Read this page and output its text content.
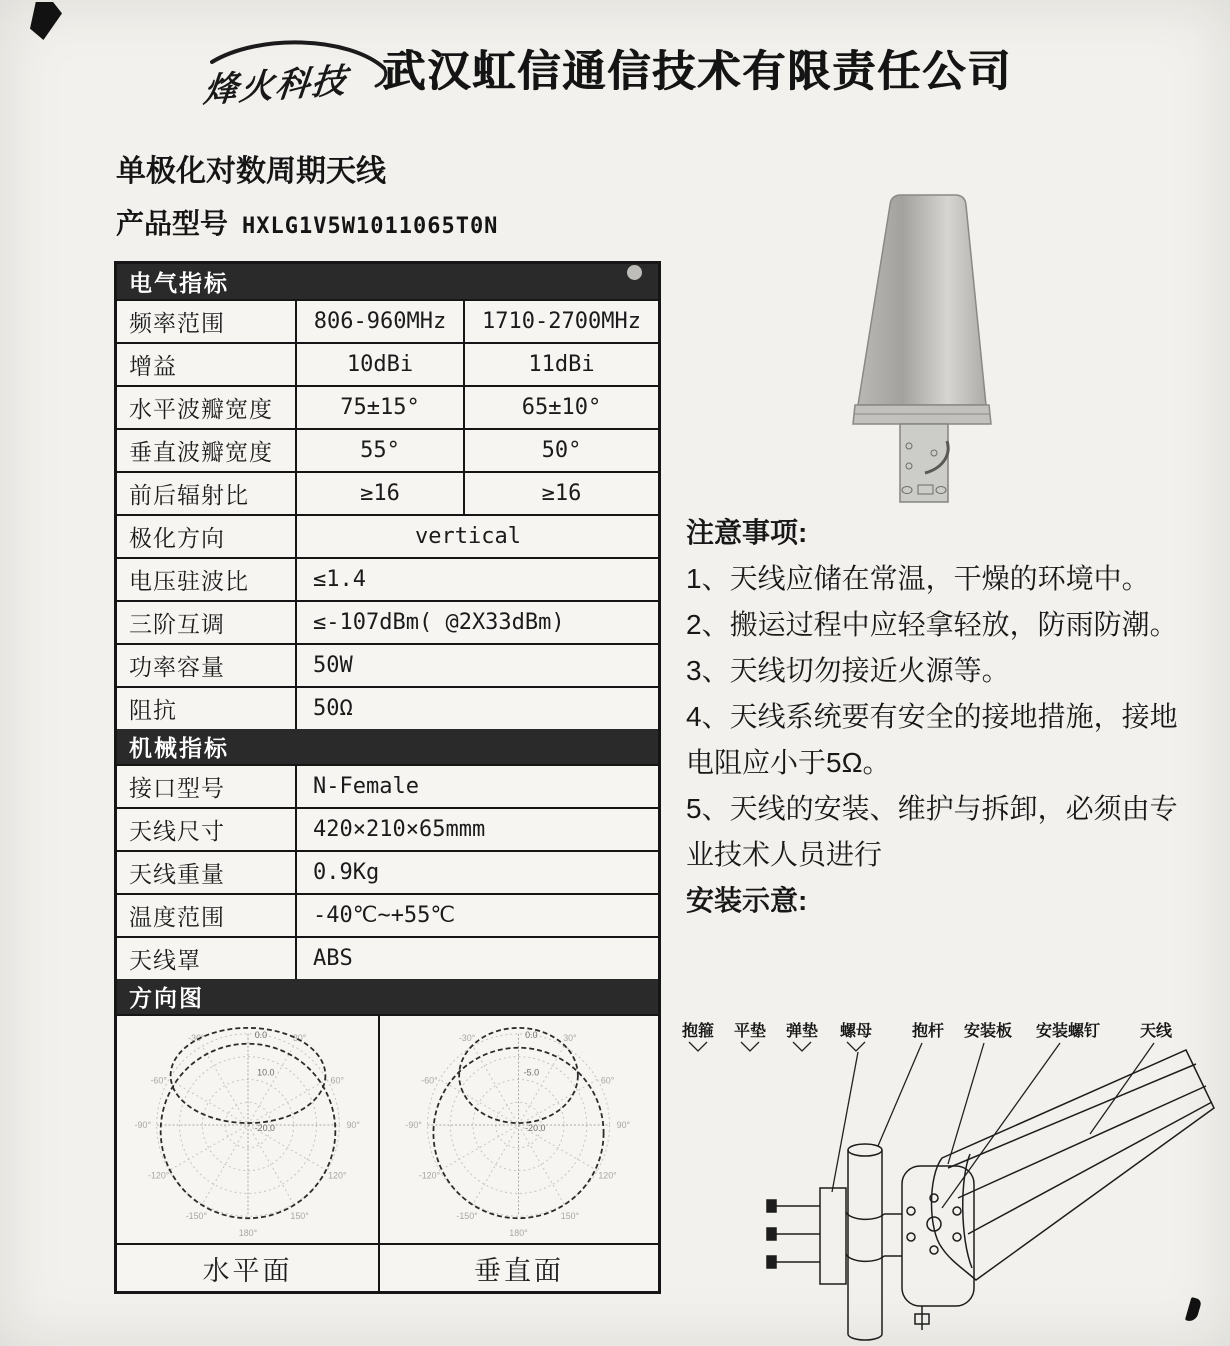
烽火科技 武汉虹信通信技术有限责任公司
单极化对数周期天线
产品型号 HXLG1V5W1011065T0N
电气指标
频率范围	806-960MHz	1710-2700MHz
增益	10dBi	11dBi
水平波瓣宽度	75±15°	65±10°
垂直波瓣宽度	55°	50°
前后辐射比	≥16	≥16
极化方向	vertical
电压驻波比	≤1.4
三阶互调	≤-107dBm( @2X33dBm)
功率容量	50W
阻抗	50Ω
机械指标
接口型号	N-Female
天线尺寸	420×210×65mmm
天线重量	0.9Kg
温度范围	-40℃~+55℃
天线罩	ABS
方向图
-30°	30°
-60°	60°
-90°	90°
-120°	120°
-150°	150°
180°
0.0
10.0
-20.0
-30°	30°
-60°	60°
-90°	90°
-120°	120°
-150°	150°
180°
0.0
-5.0
-20.0
水平面	垂直面

注意事项:

1、天线应储在常温，干燥的环境中。

2、搬运过程中应轻拿轻放，防雨防潮。

3、天线切勿接近火源等。

4、天线系统要有安全的接地措施，接地电阻应小于5Ω。

5、天线的安装、维护与拆卸，必须由专业技术人员进行

安装示意:

抱箍 平垫 弹垫 螺母 抱杆 安装板 安装螺钉 天线
